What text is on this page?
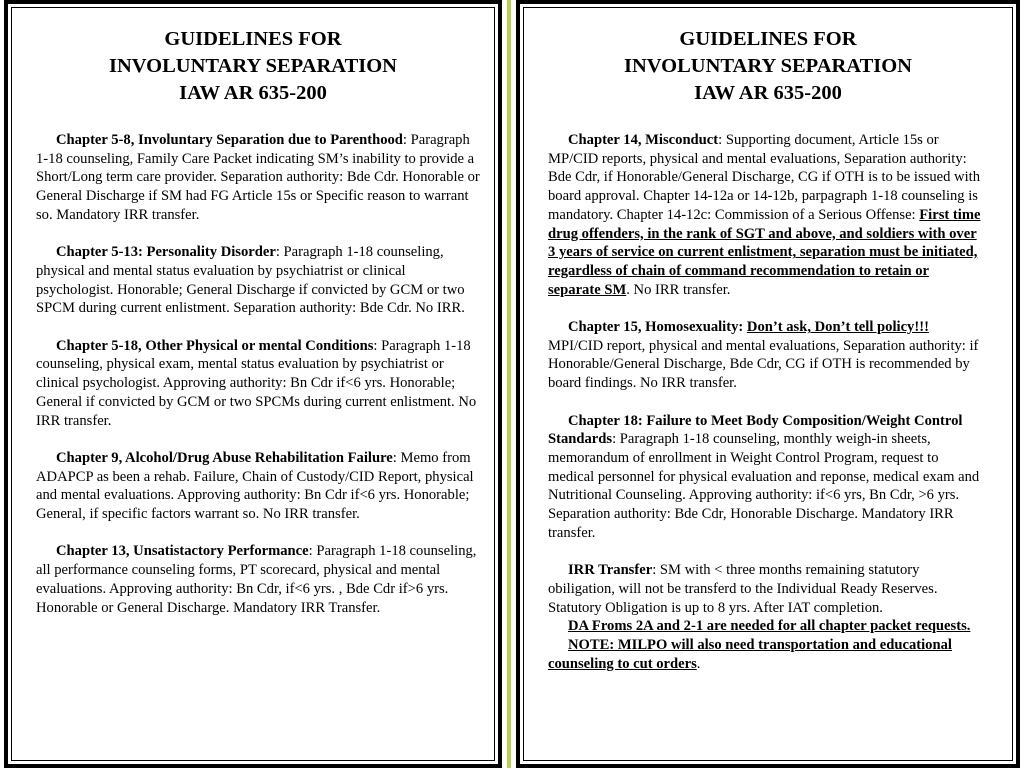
GUIDELINES FOR
INVOLUNTARY SEPARATION
IAW AR 635-200

Chapter 5-8, Involuntary Separation due to Parenthood: Paragraph 1-18 counseling, Family Care Packet indicating SM’s inability to provide a Short/Long term care provider. Separation authority: Bde Cdr. Honorable or General Discharge if SM had FG Article 15s or Specific reason to warrant so. Mandatory IRR transfer.

Chapter 5-13: Personality Disorder: Paragraph 1-18 counseling, physical and mental status evaluation by psychiatrist or clinical psychologist. Honorable; General Discharge if convicted by GCM or two SPCM during current enlistment. Separation authority: Bde Cdr. No IRR.

Chapter 5-18, Other Physical or mental Conditions: Paragraph 1-18 counseling, physical exam, mental status evaluation by psychiatrist or clinical psychologist. Approving authority: Bn Cdr if<6 yrs. Honorable; General if convicted by GCM or two SPCMs during current enlistment. No IRR transfer.

Chapter 9, Alcohol/Drug Abuse Rehabilitation Failure: Memo from ADAPCP as been a rehab. Failure, Chain of Custody/CID Report, physical and mental evaluations. Approving authority: Bn Cdr if<6 yrs. Honorable; General, if specific factors warrant so. No IRR transfer.

Chapter 13, Unsatistactory Performance: Paragraph 1-18 counseling, all performance counseling forms, PT scorecard, physical and mental evaluations. Approving authority: Bn Cdr, if<6 yrs. , Bde Cdr if>6 yrs. Honorable or General Discharge. Mandatory IRR Transfer.

GUIDELINES FOR
INVOLUNTARY SEPARATION
IAW AR 635-200

Chapter 14, Misconduct: Supporting document, Article 15s or MP/CID reports, physical and mental evaluations, Separation authority: Bde Cdr, if Honorable/General Discharge, CG if OTH is to be issued with board approval. Chapter 14-12a or 14-12b, parpagraph 1-18 counseling is mandatory. Chapter 14-12c: Commission of a Serious Offense: First time drug offenders, in the rank of SGT and above, and soldiers with over 3 years of service on current enlistment, separation must be initiated, regardless of chain of command recommendation to retain or separate SM. No IRR transfer.

Chapter 15, Homosexuality: Don’t ask, Don’t tell policy!!! MPI/CID report, physical and mental evaluations, Separation authority: if Honorable/General Discharge, Bde Cdr, CG if OTH is recommended by board findings. No IRR transfer.

Chapter 18: Failure to Meet Body Composition/Weight Control Standards: Paragraph 1-18 counseling, monthly weigh-in sheets, memorandum of enrollment in Weight Control Program, request to medical personnel for physical evaluation and reponse, medical exam and Nutritional Counseling. Approving authority: if<6 yrs, Bn Cdr, >6 yrs. Separation authority: Bde Cdr, Honorable Discharge. Mandatory IRR transfer.

IRR Transfer: SM with < three months remaining statutory obiligation, will not be transferd to the Individual Ready Reserves. Statutory Obligation is up to 8 yrs. After IAT completion.

DA Froms 2A and 2-1 are needed for all chapter packet requests.

NOTE: MILPO will also need transportation and educational counseling to cut orders.
